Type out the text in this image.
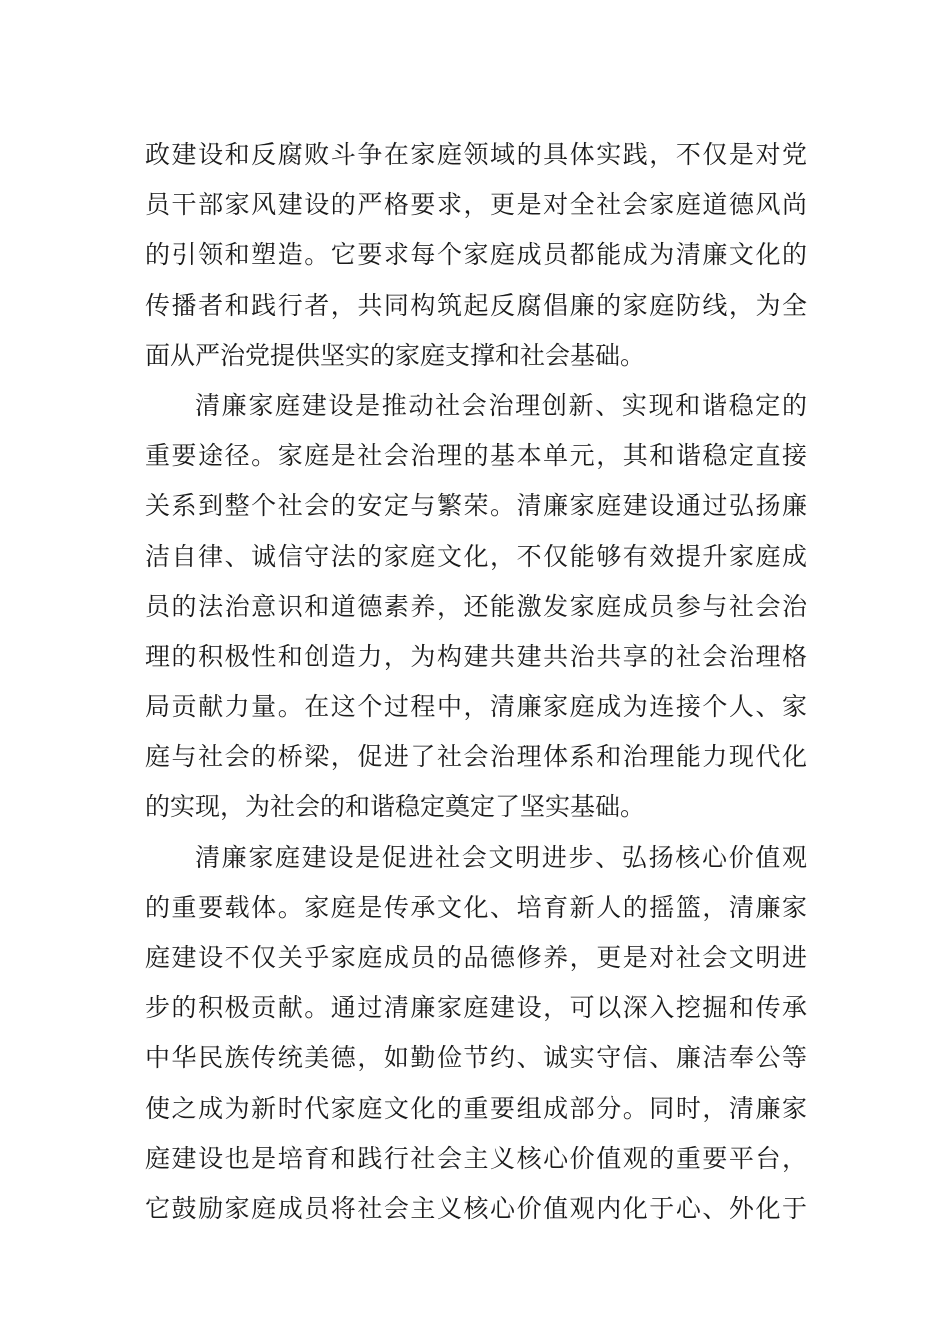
政建设和反腐败斗争在家庭领域的具体实践，不仅是对党
员干部家风建设的严格要求，更是对全社会家庭道德风尚
的引领和塑造。它要求每个家庭成员都能成为清廉文化的
传播者和践行者，共同构筑起反腐倡廉的家庭防线，为全
面从严治党提供坚实的家庭支撑和社会基础。
清廉家庭建设是推动社会治理创新、实现和谐稳定的
重要途径。家庭是社会治理的基本单元，其和谐稳定直接
关系到整个社会的安定与繁荣。清廉家庭建设通过弘扬廉
洁自律、诚信守法的家庭文化，不仅能够有效提升家庭成
员的法治意识和道德素养，还能激发家庭成员参与社会治
理的积极性和创造力，为构建共建共治共享的社会治理格
局贡献力量。在这个过程中，清廉家庭成为连接个人、家
庭与社会的桥梁，促进了社会治理体系和治理能力现代化
的实现，为社会的和谐稳定奠定了坚实基础。
清廉家庭建设是促进社会文明进步、弘扬核心价值观
的重要载体。家庭是传承文化、培育新人的摇篮，清廉家
庭建设不仅关乎家庭成员的品德修养，更是对社会文明进
步的积极贡献。通过清廉家庭建设，可以深入挖掘和传承
中华民族传统美德，如勤俭节约、诚实守信、廉洁奉公等
使之成为新时代家庭文化的重要组成部分。同时，清廉家
庭建设也是培育和践行社会主义核心价值观的重要平台，
它鼓励家庭成员将社会主义核心价值观内化于心、外化于
